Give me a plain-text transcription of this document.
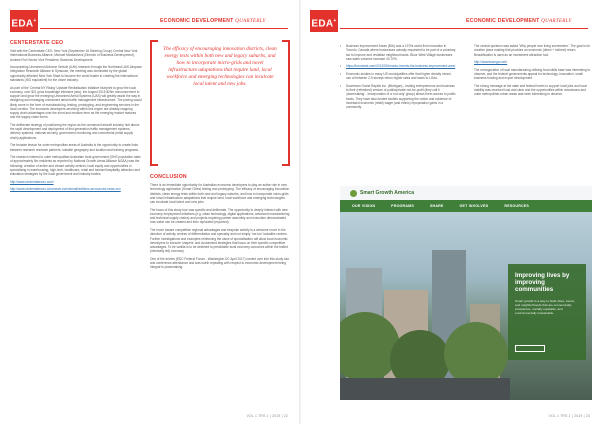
EDA+	ECONOMIC DEVELOPMENT QUARTERLY
CENTERSTATE CEO

Visit with the Centerstate CEO, New York (September 16 Steering Group) Central New York International Business Alliance, Michael Mowlacheck (Director of Business Development), Andrew Fish Senior Vice President, Business Development.

Incorporating Unmanned Airborne Vehicle (UAV) research through the Northeast UAS Airspace Integration Research Alliance in Syracuse, the meeting was dominated by the global opportunity afforded New York State to become the world leader in creating the international standards (ISO equivalent) for the drone industry.

As part of the 'Central NY Rising' Upstate Revitalisation Initiative blueprint to grow the local economy, over $21 (plus knowledge intensive jobs), the August 2015 $29m announcement to support and grow the emerging Unmanned Aerial Systems (UAS) will greatly assist the way in designing and managing unmanned aerial traffic management infrastructure. The pacing would likely come in the form of manufacturing, testing, prototyping, and engineering services in the local corridor. The economic developers servicing within this region are already mapping supply chain advantages over the short and medium term as the emerging market matures and the supply chain forms.

The deliberate strategy of positioning the region as the unmanned aircraft industry hub above the rapid development and deployment of first generation traffic management systems, delivery systems, national security, government monitoring and commercial (retail supply chain) applications.

The broader lesson for outer metropolitan areas of Australia is the opportunity to create links between research research partners, suitable geography and location and training programs.

The research interest to outer metropolitan Australian local government (OHS population rates of approximately 5m residents as reported by National Growth Areas Alliance NGAA) was the following: creation of active and vibrant activity centres; local equity and opportunities in specialising in warehousing, high-tech, healthcare, retail and tourism/hospitality attraction and education strategies by the local government and industry bodies.

http://www.centerstateceo.com/

http://www.centerstateceo.com/news-events/mail/editions-announced-news-ceo

The efficacy of encouraging innovation districts, clean energy tests within both new and legacy suburbs, and how to incorporate micro-grids and novel infrastructure adaptations that require land, local workforce and emerging technologies can inculcate local talent and new jobs.
CONCLUSION

There is an immediate opportunity for Australian economic developers to play an active role in new technology application (Smart Cities) testing and prototyping. The efficacy of encouraging innovation districts, clean energy tests within both new and legacy suburbs, and how to incorporate micro-grids and novel infrastructure adaptations that require land, local workforce and emerging technologies can inculcate local talent and new jobs.

The focus of this study tour was specific and deliberate. The opportunity to deeply interact with new economy employment initiatives (e.g. clean technology, digital applications, advanced manufacturing and technical supply chains) and projects requiring partner assembly and execution demonstrated how value can be created and then replicated (exported).

The move toward competitive regional advantages and bespoke activity is a welcome move in the direction of activity centres of differentiation and specialty and not simply 'me-too' lookalike centres. Further investigations and examples reinforcing the value of specialisation will allow local economic developers to execute 'shapers' and customised strategies that focus on their specific competitive advantages. To be vanilla is to be destined to predictable local economy outcomes within the trailed (minimally led) economy.

One of the drivers (EDC Federal Forum - Washington DC April 2017) carried over into this study tour and conference attendance and was worth repeating with respect to economic development being integral to placemaking.

VOL 1 TRS 1 | 2019 | 22
EDA+	ECONOMIC DEVELOPMENT QUARTERLY
• Business Improvement Areas (BIA) was a 1970s world first innovation in Toronto, Canada where businesses actually requested to be part of a voluntary tax to improve and revitalise neighbourhoods. Bloor West Village businesses saw sales volumes increase 40-70%.
• https://torontoist.com/2013/02/toronto-invents-the-business-improvement-area/
• Economic studies in many US municipalities offer that higher density mixed-use of between 2-5 storeys return higher rates and taxes to LGAs.
• Downtown Grand Rapids Inc. (Michigan) - inviting entrepreneurs and business to their (refreshed) version of public/private not-for-profit (they call it 'placemaking' - incorporation of a 'not only' group) allows them access to public funds. They have also funded studies supporting the notion and evidence of increased economic (retail) wager (and ethnic) repopulation gains in a community.

The central question was asked 'Why people love living somewhere'. The goal is for creative place making that provides an economic (direct + indirect) return. Beautification is used as an investment attraction tool.

http://downtownga.com/

The reinvigoration of local manufacturing utilising local skills base was interesting to observe, and the federal governments appeal for technology, innovation, small business funding and export development.

The strong message at the state and federal levels to support local jobs and local viability was received loud and clear and the opportunities within downtowns and outer metropolitan urban areas was seen interesting to observe.

Smart Growth America
OUR VISION	PROGRAMS	SHARE	GET INVOLVED	RESOURCES
Improving lives by improving communities
Smart growth is a way to build cities, towns, and neighborhoods that are economically prosperous, socially equitable, and environmentally sustainable.
VOL 1 TRS 1 | 2019 | 23
